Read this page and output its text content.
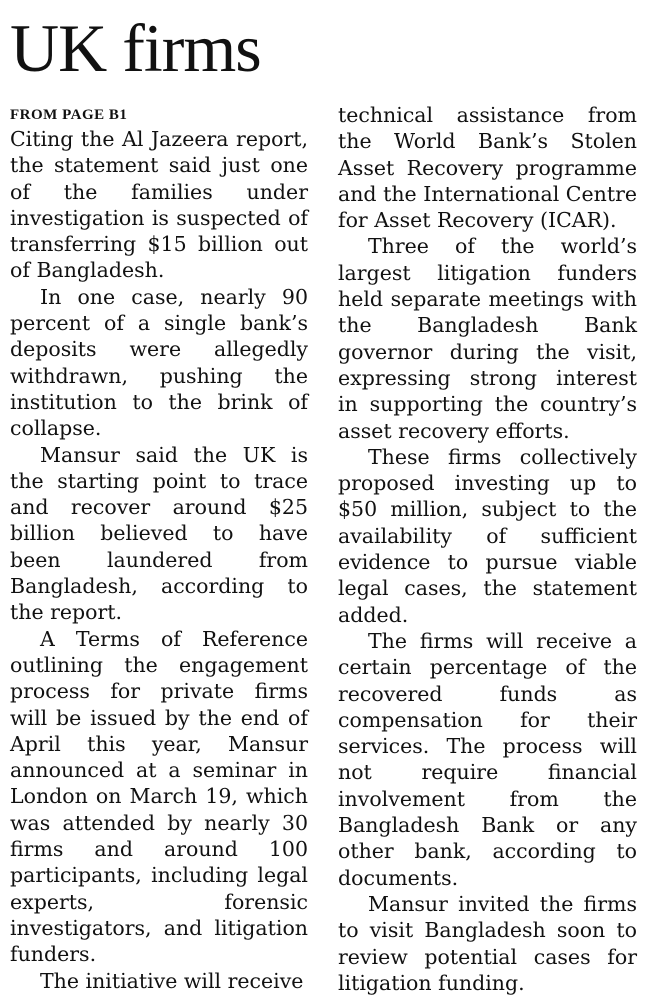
UK firms
FROM PAGE B1

Citing the Al Jazeera report, the statement said just one of the families under investigation is suspected of transferring $15 billion out of Bangladesh.

In one case, nearly 90 percent of a single bank’s deposits were allegedly withdrawn, pushing the institution to the brink of collapse.

Mansur said the UK is the starting point to trace and recover around $25 billion believed to have been laundered from Bangladesh, according to the report.

A Terms of Reference outlining the engagement process for private firms will be issued by the end of April this year, Mansur announced at a seminar in London on March 19, which was attended by nearly 30 firms and around 100 participants, including legal experts, forensic investigators, and litigation funders.

The initiative will receive

technical assistance from the World Bank’s Stolen Asset Recovery programme and the International Centre for Asset Recovery (ICAR).

Three of the world’s largest litigation funders held separate meetings with the Bangladesh Bank governor during the visit, expressing strong interest in supporting the country’s asset recovery efforts.

These firms collectively proposed investing up to $50 million, subject to the availability of sufficient evidence to pursue viable legal cases, the statement added.

The firms will receive a certain percentage of the recovered funds as compensation for their services. The process will not require financial involvement from the Bangladesh Bank or any other bank, according to documents.

Mansur invited the firms to visit Bangladesh soon to review potential cases for litigation funding.
